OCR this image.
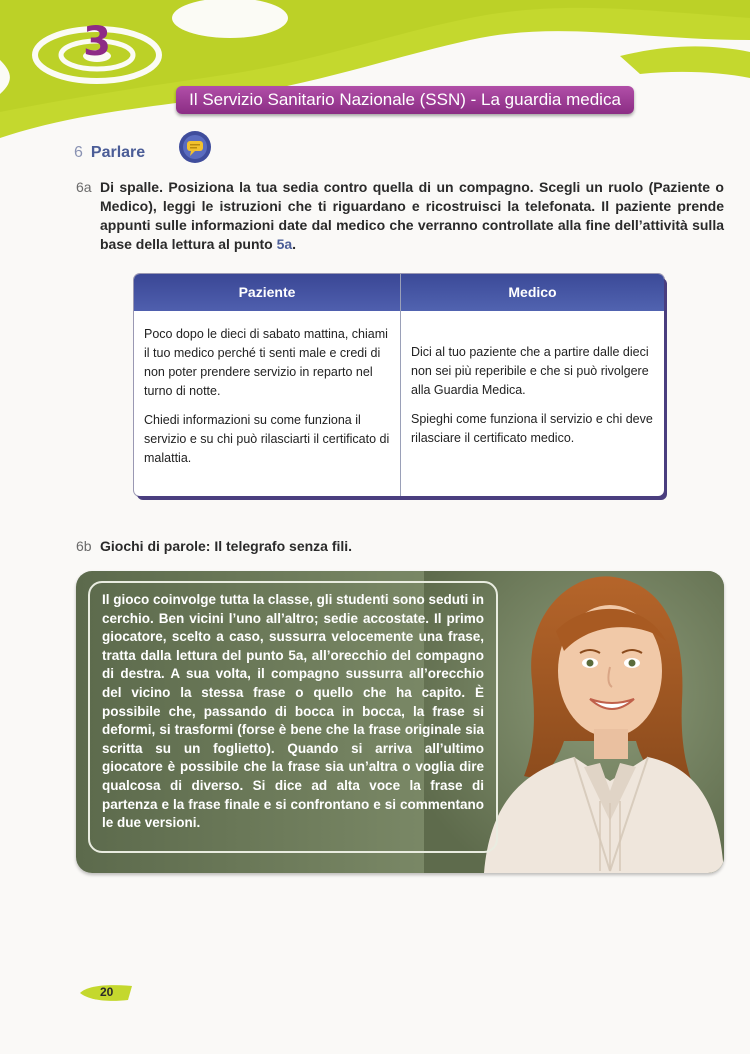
3
Il Servizio Sanitario Nazionale (SSN) - La guardia medica
6 Parlare
6a Di spalle. Posiziona la tua sedia contro quella di un compagno. Scegli un ruolo (Paziente o Medico), leggi le istruzioni che ti riguardano e ricostruisci la telefonata. Il paziente prende appunti sulle informazioni date dal medico che verranno controllate alla fine dell’attività sulla base della lettura al punto 5a.
Paziente

Poco dopo le dieci di sabato mattina, chiami il tuo medico perché ti senti male e credi di non poter prendere servizio in reparto nel turno di notte.

Chiedi informazioni su come funziona il servizio e su chi può rilasciarti il certificato di malattia.

Medico

Dici al tuo paziente che a partire dalle dieci non sei più reperibile e che si può rivolgere alla Guardia Medica.

Spieghi come funziona il servizio e chi deve rilasciare il certificato medico.

6b Giochi di parole: Il telegrafo senza fili.
Il gioco coinvolge tutta la classe, gli studenti sono seduti in cerchio. Ben vicini l’uno all’altro; sedie accostate. Il primo giocatore, scelto a caso, sussurra velocemente una frase, tratta dalla lettura del punto 5a, all’orecchio del compagno di destra. A sua volta, il compagno sussurra all’orecchio del vicino la stessa frase o quello che ha capito. È possibile che, passando di bocca in bocca, la frase si deformi, si trasformi (forse è bene che la frase originale sia scritta su un foglietto). Quando si arriva all’ultimo giocatore è possibile che la frase sia un’altra o voglia dire qualcosa di diverso. Si dice ad alta voce la frase di partenza e la frase finale e si confrontano e si commentano le due versioni.
20
